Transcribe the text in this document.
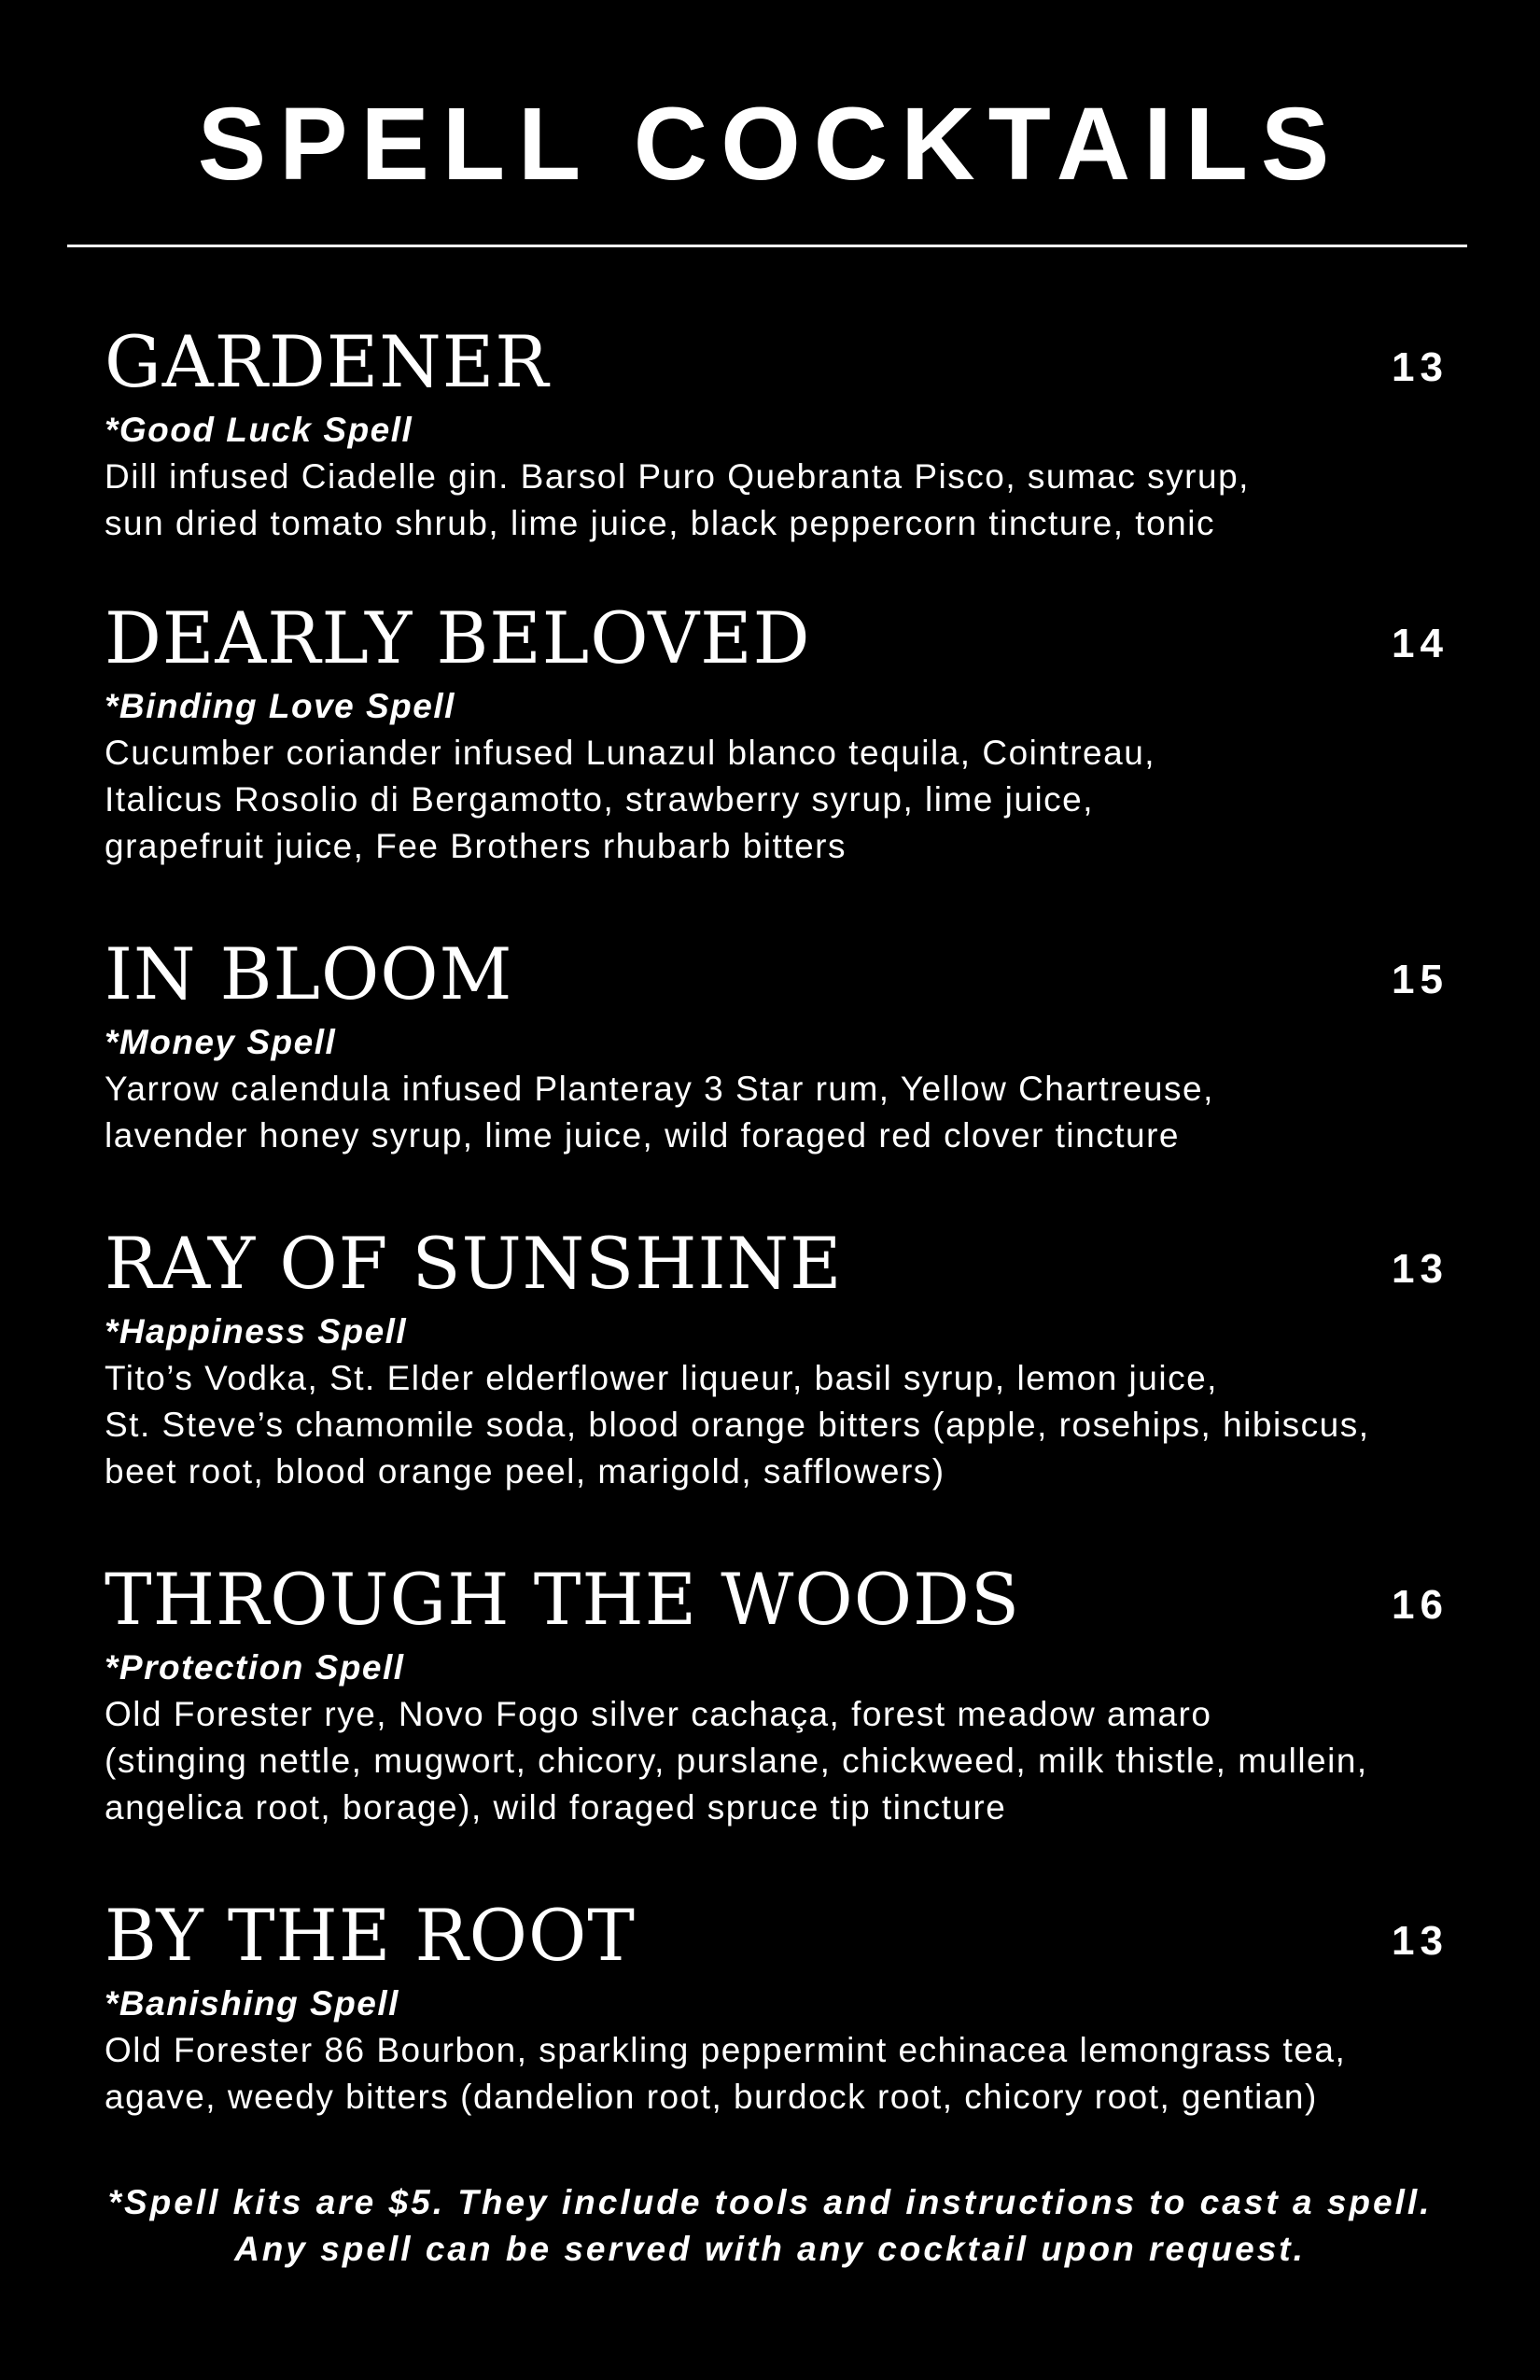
SPELL COCKTAILS
GARDENER	13
*Good Luck Spell
Dill infused Ciadelle gin. Barsol Puro Quebranta Pisco, sumac syrup,
sun dried tomato shrub, lime juice, black peppercorn tincture, tonic
DEARLY BELOVED	14
*Binding Love Spell
Cucumber coriander infused Lunazul blanco tequila, Cointreau,
Italicus Rosolio di Bergamotto, strawberry syrup, lime juice,
grapefruit juice, Fee Brothers rhubarb bitters
IN BLOOM	15
*Money Spell
Yarrow calendula infused Planteray 3 Star rum, Yellow Chartreuse,
lavender honey syrup, lime juice, wild foraged red clover tincture
RAY OF SUNSHINE	13
*Happiness Spell
Tito’s Vodka, St. Elder elderflower liqueur, basil syrup, lemon juice,
St. Steve’s chamomile soda, blood orange bitters (apple, rosehips, hibiscus,
beet root, blood orange peel, marigold, safflowers)
THROUGH THE WOODS	16
*Protection Spell
Old Forester rye, Novo Fogo silver cachaça, forest meadow amaro
(stinging nettle, mugwort, chicory, purslane, chickweed, milk thistle, mullein,
angelica root, borage), wild foraged spruce tip tincture
BY THE ROOT	13
*Banishing Spell
Old Forester 86 Bourbon, sparkling peppermint echinacea lemongrass tea,
agave, weedy bitters (dandelion root, burdock root, chicory root, gentian)
*Spell kits are $5. They include tools and instructions to cast a spell.
Any spell can be served with any cocktail upon request.
